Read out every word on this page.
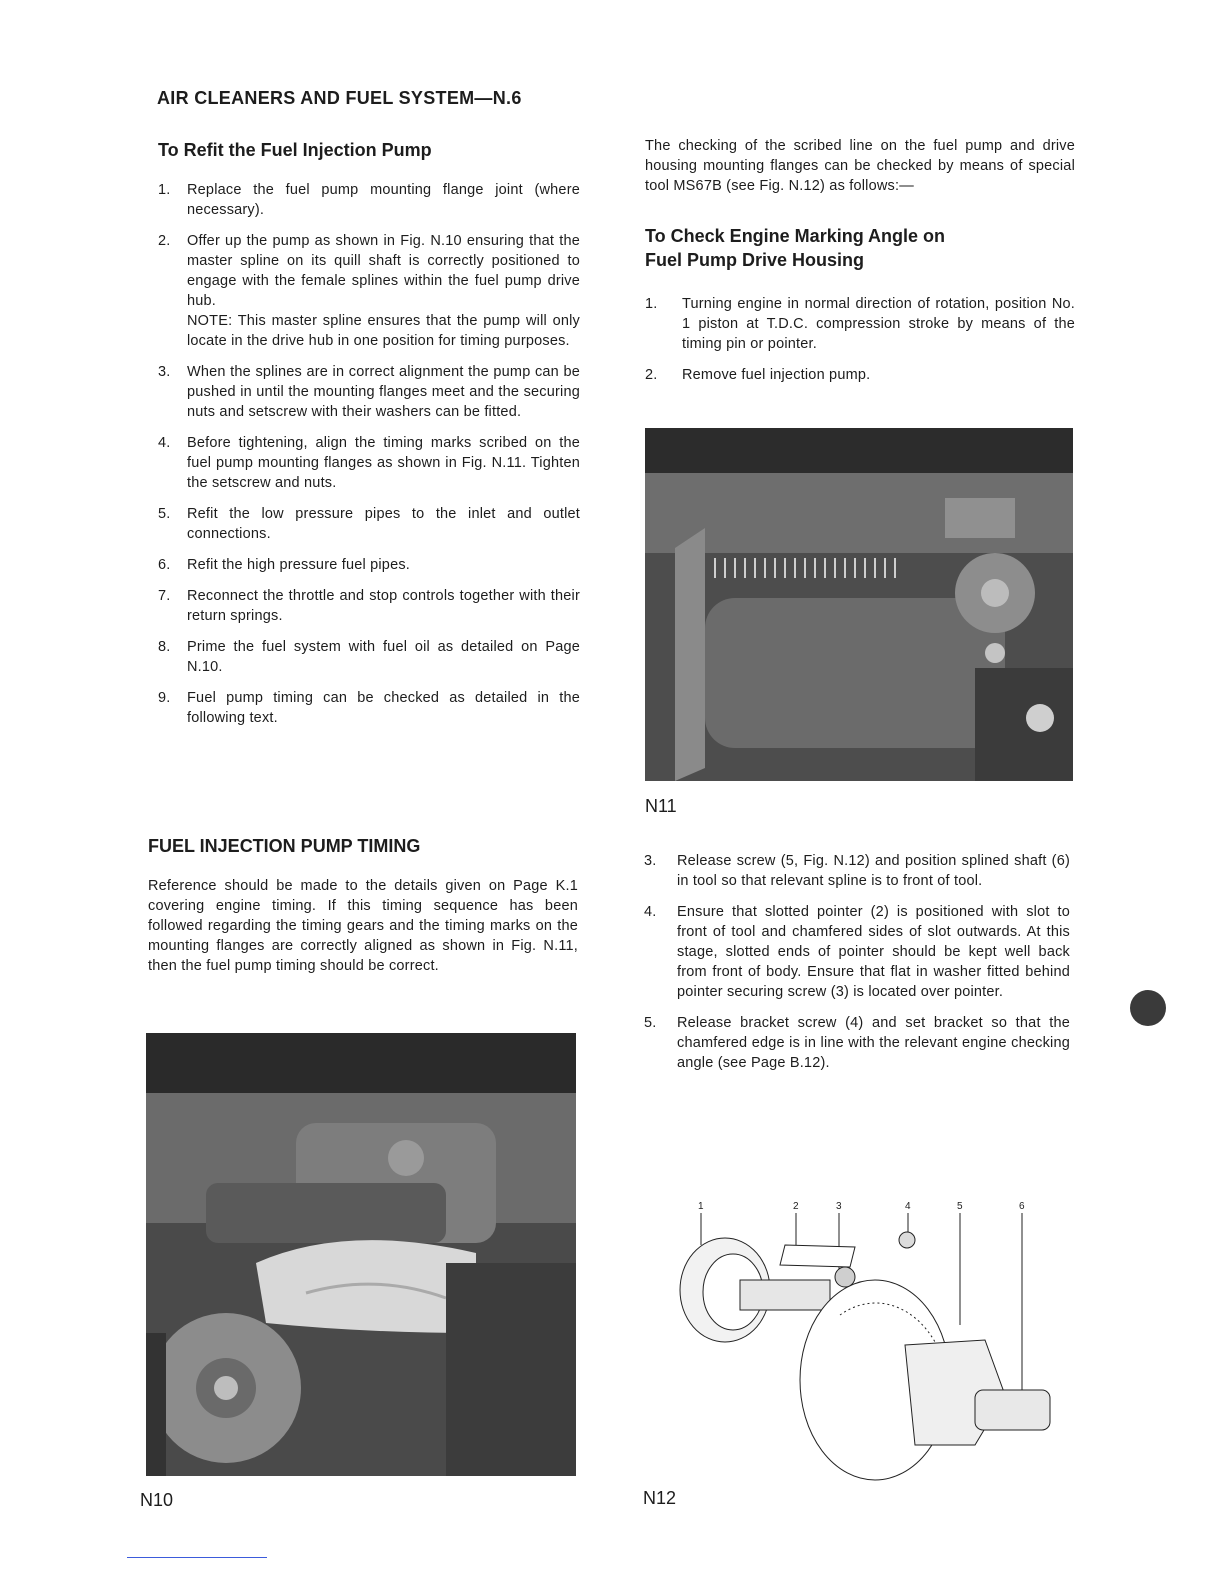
AIR CLEANERS AND FUEL SYSTEM—N.6
To Refit the Fuel Injection Pump
1. Replace the fuel pump mounting flange joint (where necessary).
2. Offer up the pump as shown in Fig. N.10 ensuring that the master spline on its quill shaft is correctly positioned to engage with the female splines within the fuel pump drive hub.
NOTE: This master spline ensures that the pump will only locate in the drive hub in one position for timing purposes.
3. When the splines are in correct alignment the pump can be pushed in until the mounting flanges meet and the securing nuts and setscrew with their washers can be fitted.
4. Before tightening, align the timing marks scribed on the fuel pump mounting flanges as shown in Fig. N.11. Tighten the setscrew and nuts.
5. Refit the low pressure pipes to the inlet and outlet connections.
6. Refit the high pressure fuel pipes.
7. Reconnect the throttle and stop controls together with their return springs.
8. Prime the fuel system with fuel oil as detailed on Page N.10.
9. Fuel pump timing can be checked as detailed in the following text.
FUEL INJECTION PUMP TIMING

Reference should be made to the details given on Page K.1 covering engine timing. If this timing sequence has been followed regarding the timing gears and the timing marks on the mounting flanges are correctly aligned as shown in Fig. N.11, then the fuel pump timing should be correct.

N10

The checking of the scribed line on the fuel pump and drive housing mounting flanges can be checked by means of special tool MS67B (see Fig. N.12) as follows:—

To Check Engine Marking Angle on
Fuel Pump Drive Housing
1. Turning engine in normal direction of rotation, position No. 1 piston at T.D.C. compression stroke by means of the timing pin or pointer.
2. Remove fuel injection pump.

N11

3. Release screw (5, Fig. N.12) and position splined shaft (6) in tool so that relevant spline is to front of tool.
4. Ensure that slotted pointer (2) is positioned with slot to front of tool and chamfered sides of slot outwards. At this stage, slotted ends of pointer should be kept well back from front of body. Ensure that flat in washer fitted behind pointer securing screw (3) is located over pointer.
5. Release bracket screw (4) and set bracket so that the chamfered edge is in line with the relevant engine checking angle (see Page B.12).
1	2	3	4	5	6

N12
